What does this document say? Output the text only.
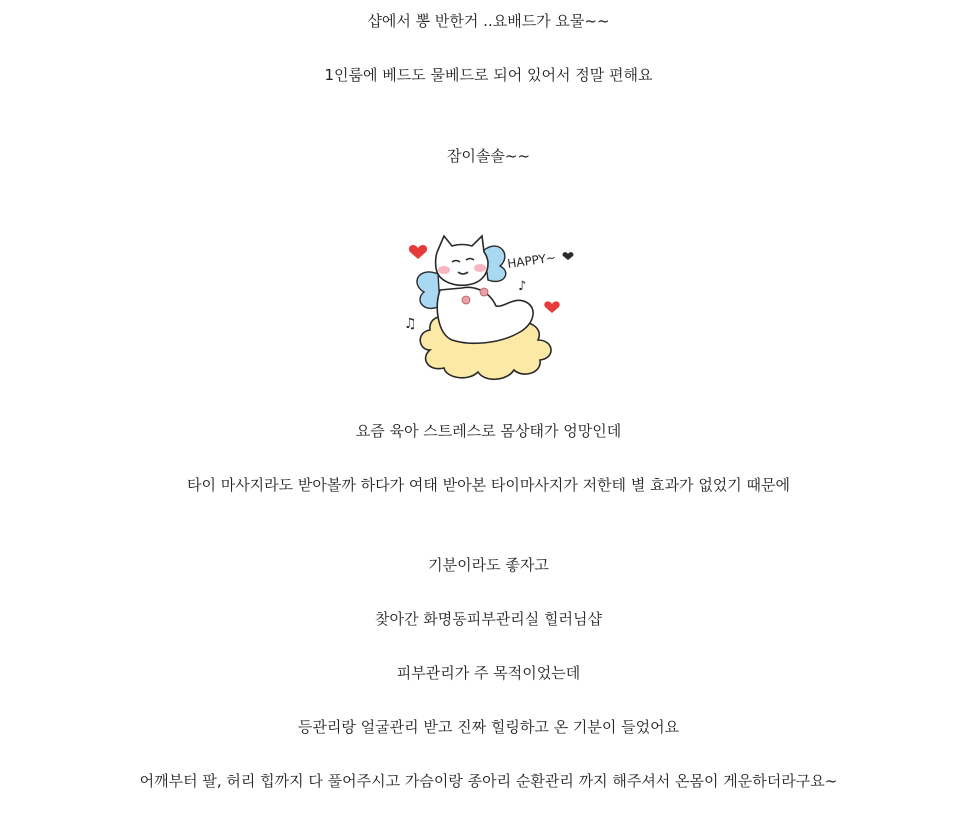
샵에서 뽕 반한거 ..요배드가 요물~~
1인룸에 베드도 물베드로 되어 있어서 정말 편해요
잠이솔솔~~
♫
♪
HAPPY~
요즘 육아 스트레스로 몸상태가 엉망인데
타이 마사지라도 받아볼까 하다가 여태 받아본 타이마사지가 저한테 별 효과가 없었기 때문에
기분이라도 좋자고
찾아간 화명동피부관리실 힐러님샵
피부관리가 주 목적이었는데
등관리랑 얼굴관리 받고 진짜 힐링하고 온 기분이 들었어요
어깨부터 팔, 허리 힙까지 다 풀어주시고 가슴이랑 종아리 순환관리 까지 해주셔서 온몸이 게운하더라구요~
